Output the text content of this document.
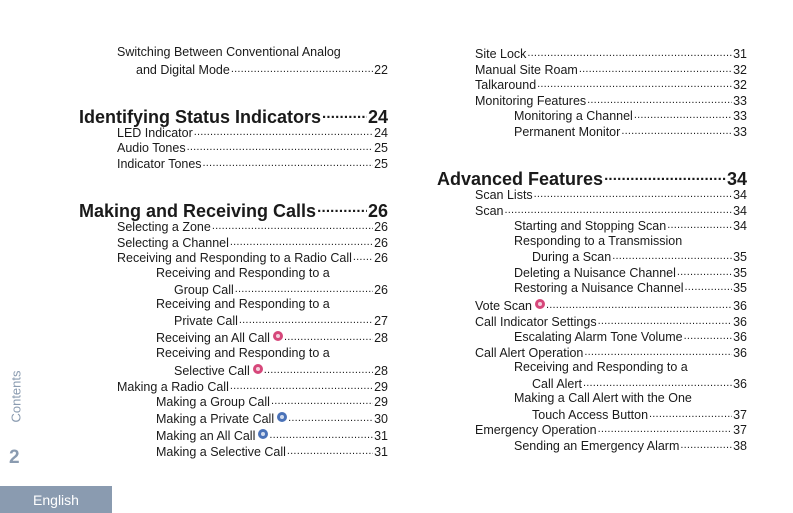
Switching Between Conventional Analog
and Digital Mode .....	22
Identifying Status Indicators .....	24
LED Indicator .....	24
Audio Tones .....	25
Indicator Tones .....	25
Making and Receiving Calls .....	26
Selecting a Zone .....	26
Selecting a Channel .....	26
Receiving and Responding to a Radio Call ..... 26
Receiving and Responding to a
Group Call .....	26
Receiving and Responding to a
Private Call .....	27
Receiving an All Call .....	28
Receiving and Responding to a
Selective Call .....	28
Making a Radio Call .....	29
Making a Group Call .....	29
Making a Private Call .....	30
Making an All Call .....	31
Making a Selective Call .....	31
Site Lock .....	31
Manual Site Roam .....	32
Talkaround .....	32
Monitoring Features .....	33
Monitoring a Channel .....	33
Permanent Monitor .....	33
Advanced Features .....	34
Scan Lists .....	34
Scan .....	34
Starting and Stopping Scan .....	34
Responding to a Transmission
During a Scan .....	35
Deleting a Nuisance Channel .....	35
Restoring a Nuisance Channel .....	35
Vote Scan .....	36
Call Indicator Settings .....	36
Escalating Alarm Tone Volume .....	36
Call Alert Operation .....	36
Receiving and Responding to a
Call Alert .....	36
Making a Call Alert with the One
Touch Access Button .....	37
Emergency Operation .....	37
Sending an Emergency Alarm .....	38
Contents
2
English
